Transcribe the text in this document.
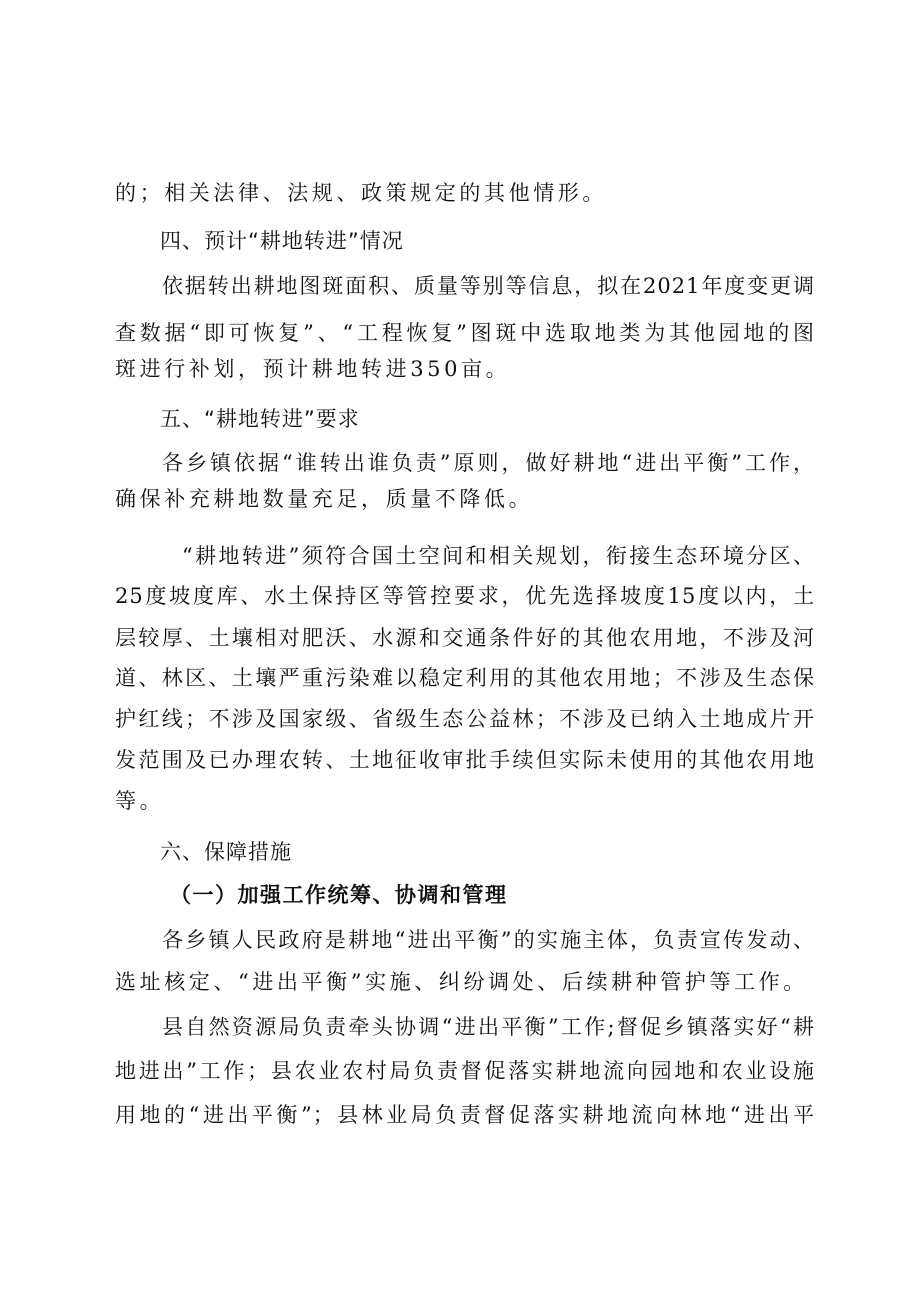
的；相关法律、法规、政策规定的其他情形。
四、预计“耕地转进”情况
依据转出耕地图斑面积、质量等别等信息，拟在2021年度变更调
查数据“即可恢复”、“工程恢复”图斑中选取地类为其他园地的图
斑进行补划，预计耕地转进350亩。
五、“耕地转进”要求
各乡镇依据“谁转出谁负责”原则，做好耕地“进出平衡”工作，
确保补充耕地数量充足，质量不降低。
“耕地转进”须符合国土空间和相关规划，衔接生态环境分区、
25度坡度库、水土保持区等管控要求，优先选择坡度15度以内，土
层较厚、土壤相对肥沃、水源和交通条件好的其他农用地，不涉及河
道、林区、土壤严重污染难以稳定利用的其他农用地；不涉及生态保
护红线；不涉及国家级、省级生态公益林；不涉及已纳入土地成片开
发范围及已办理农转、土地征收审批手续但实际未使用的其他农用地
等。
六、保障措施
（一）加强工作统筹、协调和管理
各乡镇人民政府是耕地“进出平衡”的实施主体，负责宣传发动、
选址核定、“进出平衡”实施、纠纷调处、后续耕种管护等工作。
县自然资源局负责牵头协调“进出平衡”工作;督促乡镇落实好“耕
地进出”工作；县农业农村局负责督促落实耕地流向园地和农业设施
用地的“进出平衡”；县林业局负责督促落实耕地流向林地“进出平
